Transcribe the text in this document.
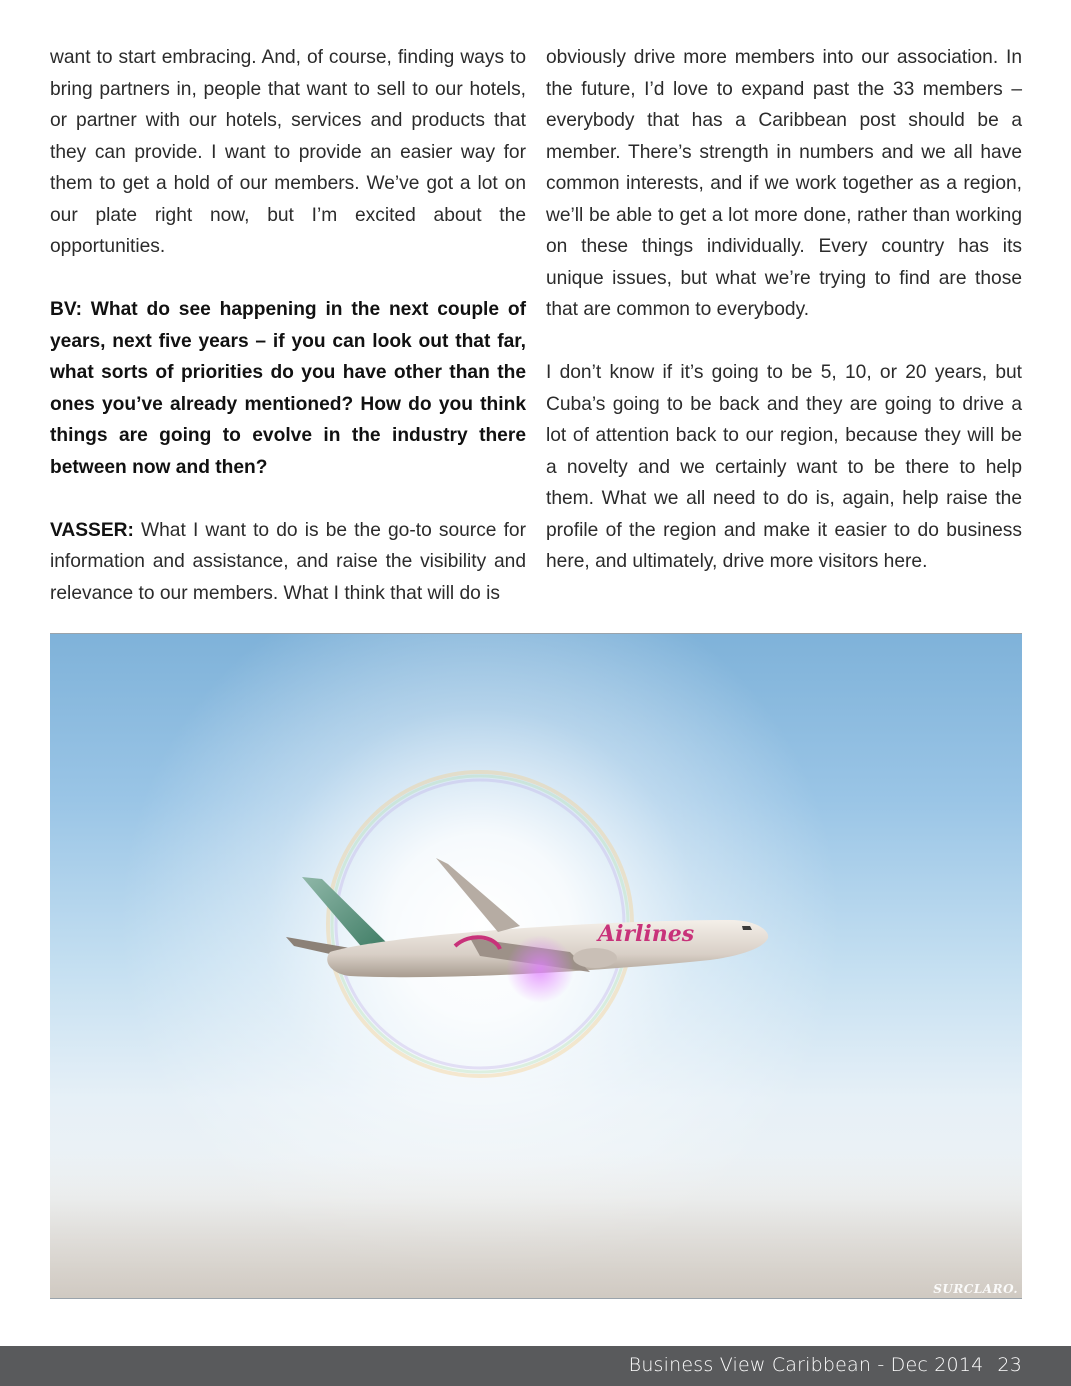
want to start embracing. And, of course, finding ways to bring partners in, people that want to sell to our hotels, or partner with our hotels, services and products that they can provide. I want to provide an easier way for them to get a hold of our members. We’ve got a lot on our plate right now, but I’m excited about the opportunities.

BV: What do see happening in the next couple of years, next five years – if you can look out that far, what sorts of priorities do you have other than the ones you’ve already mentioned? How do you think things are going to evolve in the industry there between now and then?

VASSER: What I want to do is be the go-to source for information and assistance, and raise the visibility and relevance to our members. What I think that will do is

obviously drive more members into our association. In the future, I’d love to expand past the 33 members – everybody that has a Caribbean post should be a member. There’s strength in numbers and we all have common interests, and if we work together as a region, we’ll be able to get a lot more done, rather than working on these things individually. Every country has its unique issues, but what we’re trying to find are those that are common to everybody.

I don’t know if it’s going to be 5, 10, or 20 years, but Cuba’s going to be back and they are going to drive a lot of attention back to our region, because they will be a novelty and we certainly want to be there to help them. What we all need to do is, again, help raise the profile of the region and make it easier to do business here, and ultimately, drive more visitors here.

Airlines
SURCLARO.
Business View Caribbean - Dec 2014 23
